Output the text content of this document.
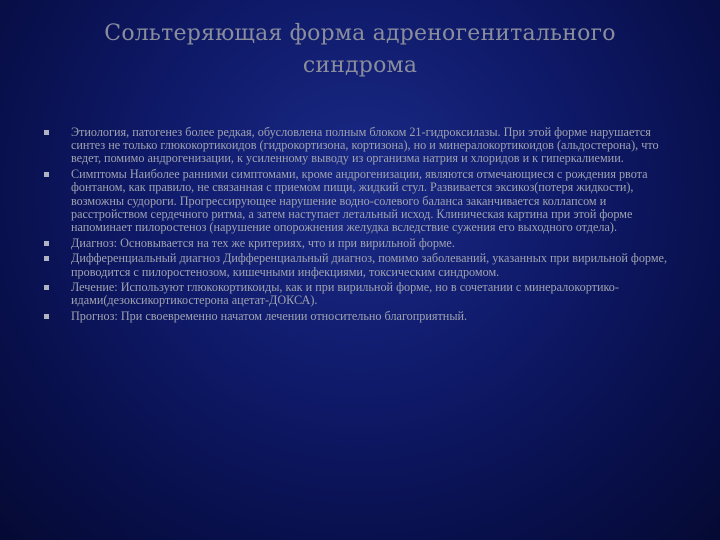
Сольтеряющая форма адреногенитального
синдрома
Этиология, патогенез более редкая, обусловлена полным блоком 21-гидроксилазы. При этой форме нарушается синтез не только глюкокортикоидов (гидрокортизона, кортизона), но и минералокортикоидов (альдостерона), что ведет, помимо андрогенизации, к усиленному выводу из организма натрия и хлоридов и к гиперкалиемии.
Симптомы Наиболее ранними симптомами, кроме андрогенизации, являются отмечающиеся с рождения рвота фонтаном, как правило, не связанная с приемом пищи, жидкий стул. Развивается эксикоз(потеря жидкости), возможны судороги. Прогрессирующее нарушение водно-солевого баланса заканчивается коллапсом и расстройством сердечного ритма, а затем наступает летальный исход. Клиническая картина при этой форме напоминает пилоростеноз (нарушение опорожнения желудка вследствие сужения его выходного отдела).
Диагноз: Основывается на тех же критериях, что и при вирильной форме.
Дифференциальный диагноз Дифференциальный диагноз, помимо заболеваний, указанных при вирильной форме, проводится с пилоростенозом, кишечными инфекциями, токсическим синдромом.
Лечение: Используют глюкокортикоиды, как и при вирильной форме, но в сочетании с минералокортико-идами(дезоксикортикостерона ацетат-ДОКСА).
Прогноз: При своевременно начатом лечении относительно благоприятный.
